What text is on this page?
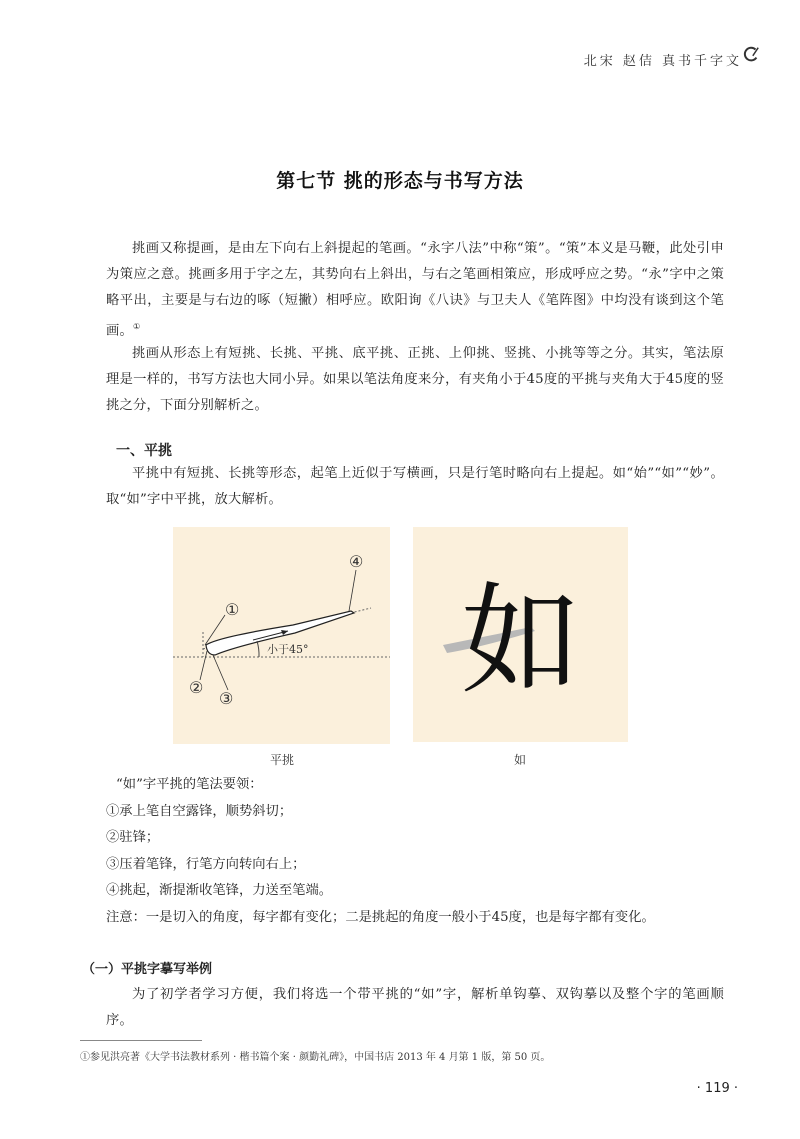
北宋 赵佶 真书千字文
第七节 挑的形态与书写方法
挑画又称提画，是由左下向右上斜提起的笔画。“永字八法”中称“策”。“策”本义是马鞭，此处引申为策应之意。挑画多用于字之左，其势向右上斜出，与右之笔画相策应，形成呼应之势。“永”字中之策略平出，主要是与右边的啄（短撇）相呼应。欧阳询《八诀》与卫夫人《笔阵图》中均没有谈到这个笔画。①
挑画从形态上有短挑、长挑、平挑、底平挑、正挑、上仰挑、竖挑、小挑等等之分。其实，笔法原理是一样的，书写方法也大同小异。如果以笔法角度来分，有夹角小于45度的平挑与夹角大于45度的竖挑之分，下面分别解析之。
一、平挑
平挑中有短挑、长挑等形态，起笔上近似于写横画，只是行笔时略向右上提起。如“始”“如”“妙”。取“如”字中平挑，放大解析。
①
②
③
④
小于45°
平挑
如
如
“如”字平挑的笔法要领：
①承上笔自空露锋，顺势斜切；
②驻锋；
③压着笔锋，行笔方向转向右上；
④挑起，渐提渐收笔锋，力送至笔端。
注意：一是切入的角度，每字都有变化；二是挑起的角度一般小于45度，也是每字都有变化。
（一）平挑字摹写举例
为了初学者学习方便，我们将选一个带平挑的“如”字，解析单钩摹、双钩摹以及整个字的笔画顺序。
①参见洪亮著《大学书法教材系列 · 楷书篇个案 · 颜勤礼碑》，中国书店 2013 年 4 月第 1 版，第 50 页。
· 119 ·
